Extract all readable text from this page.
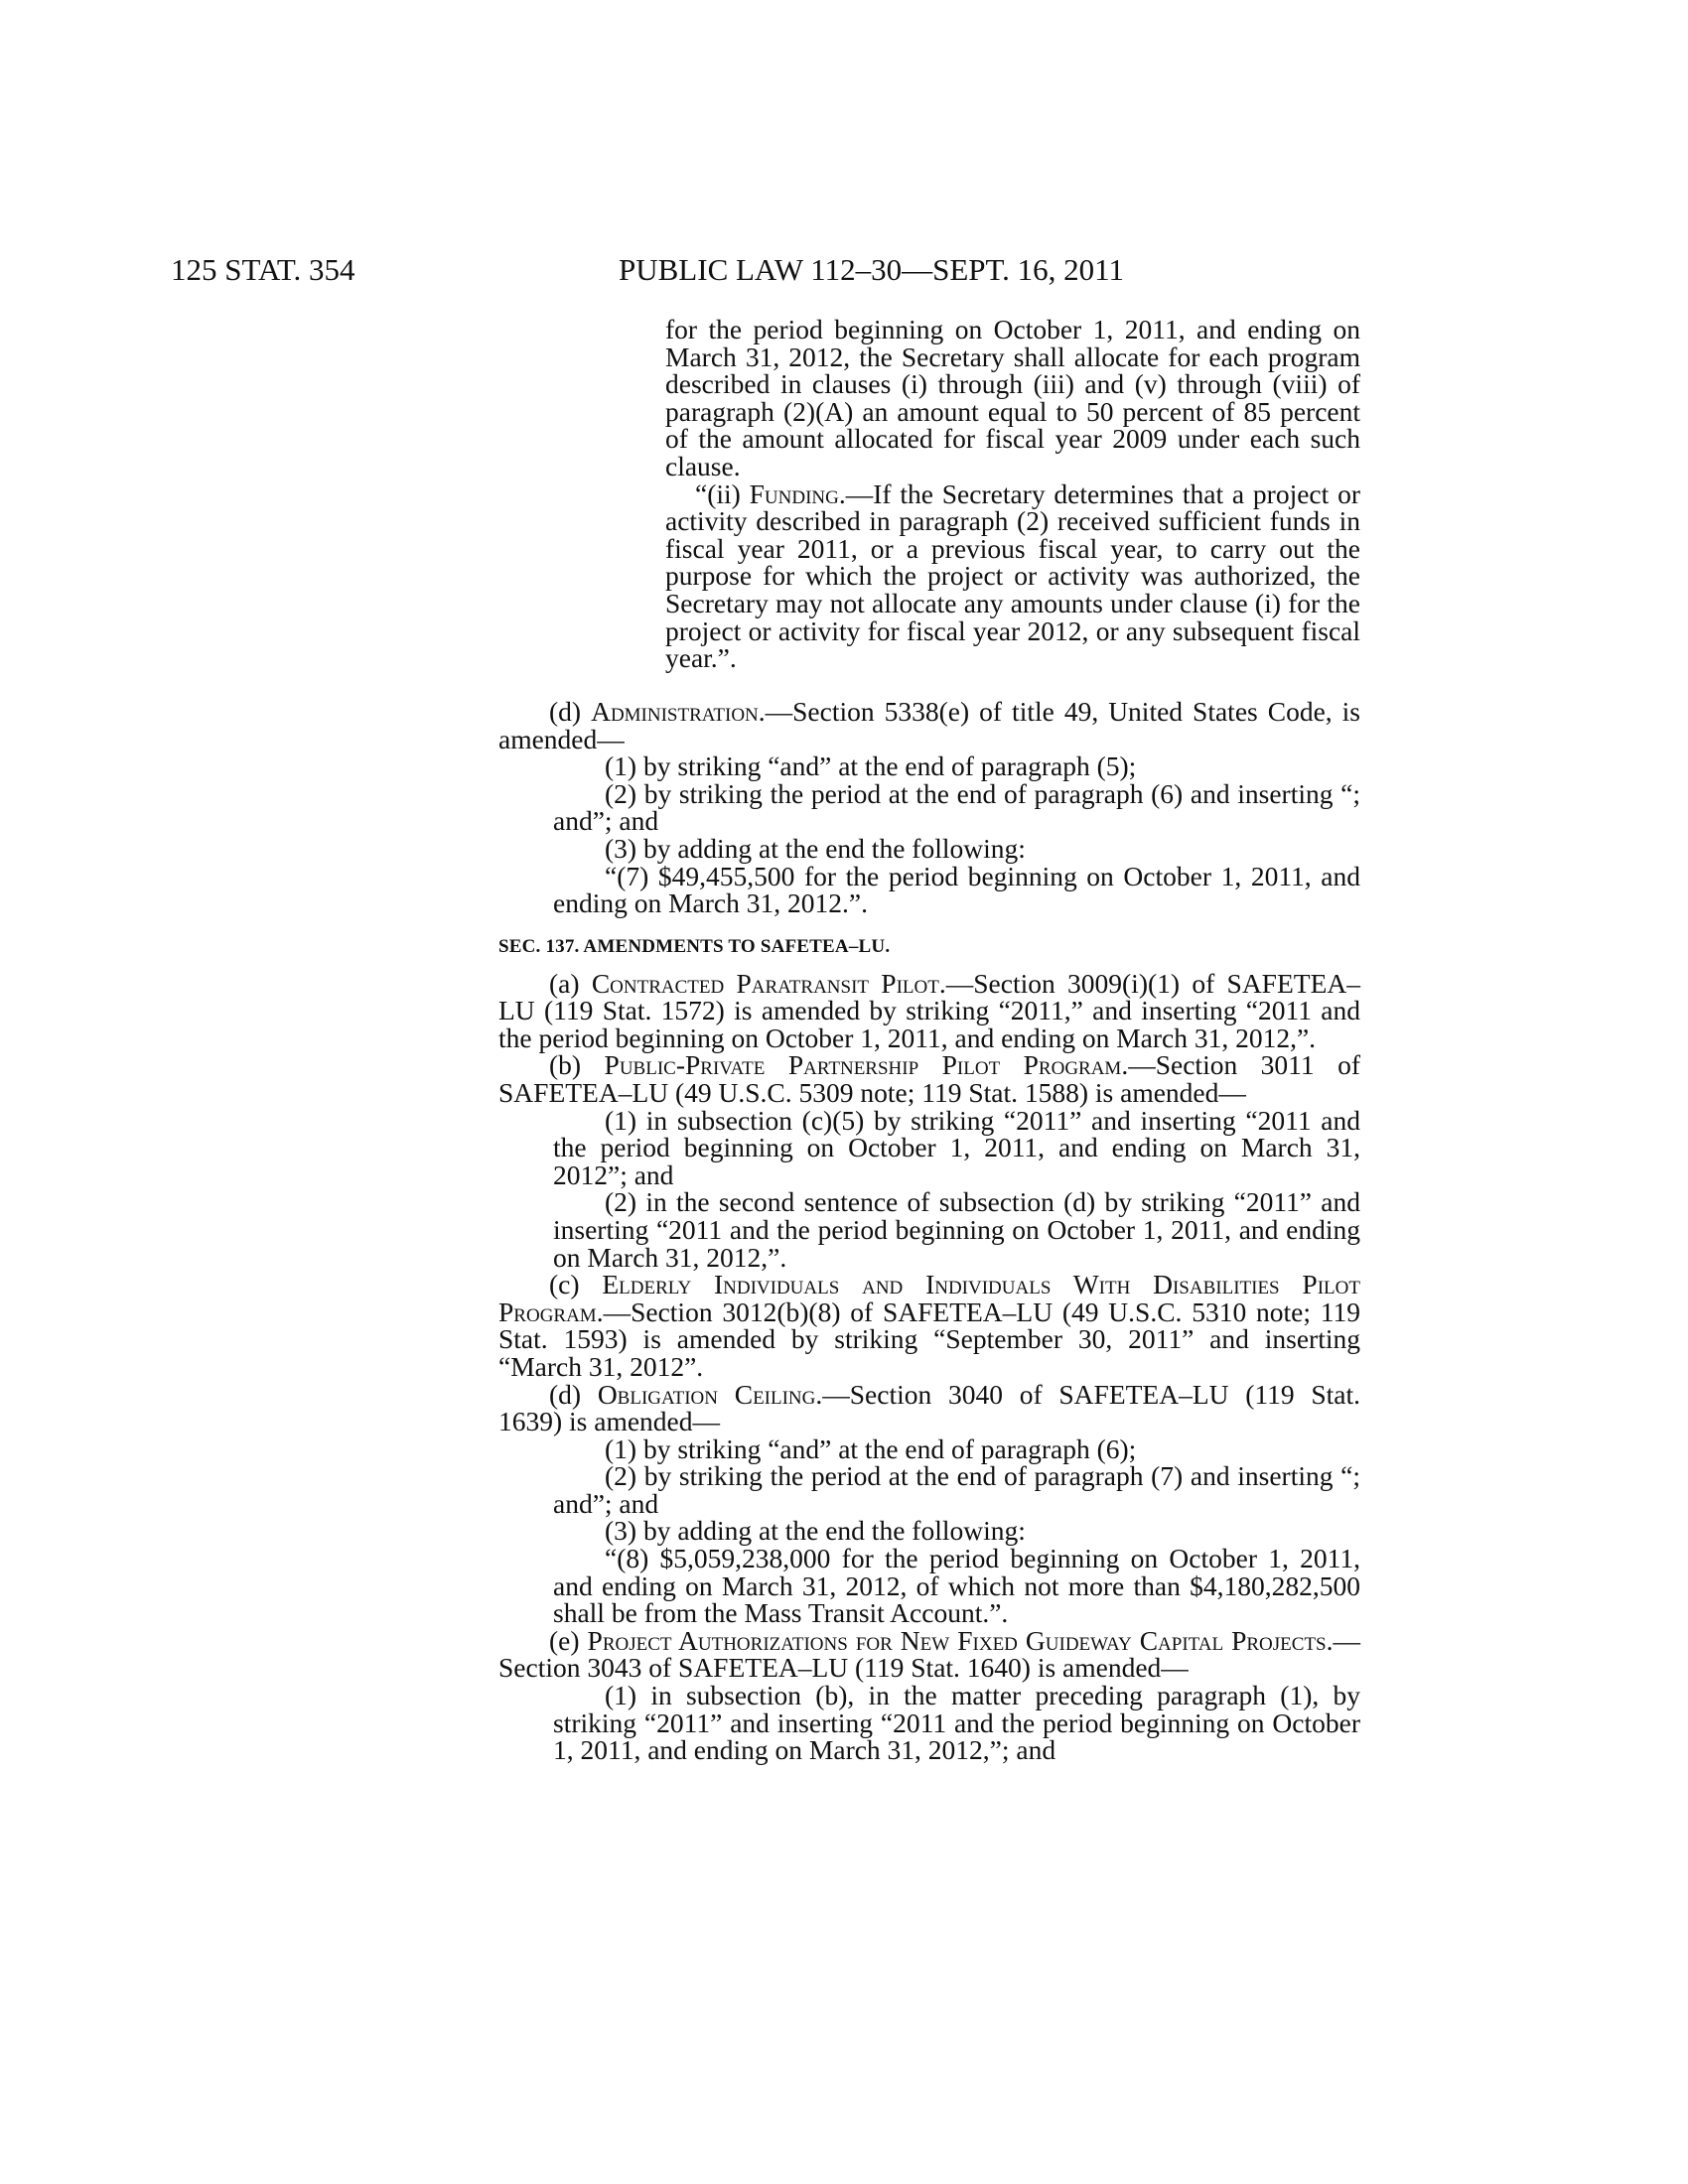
125 STAT. 354	PUBLIC LAW 112–30—SEPT. 16, 2011

for the period beginning on October 1, 2011, and ending on March 31, 2012, the Secretary shall allocate for each program described in clauses (i) through (iii) and (v) through (viii) of paragraph (2)(A) an amount equal to 50 percent of 85 percent of the amount allocated for fiscal year 2009 under each such clause.

“(ii) Funding.—If the Secretary determines that a project or activity described in paragraph (2) received sufficient funds in fiscal year 2011, or a previous fiscal year, to carry out the purpose for which the project or activity was authorized, the Secretary may not allocate any amounts under clause (i) for the project or activity for fiscal year 2012, or any subsequent fiscal year.”.

(d) Administration.—Section 5338(e) of title 49, United States Code, is amended—

(1) by striking “and” at the end of paragraph (5);

(2) by striking the period at the end of paragraph (6) and inserting “; and”; and

(3) by adding at the end the following:

“(7) $49,455,500 for the period beginning on October 1, 2011, and ending on March 31, 2012.”.

SEC. 137. AMENDMENTS TO SAFETEA–LU.

(a) Contracted Paratransit Pilot.—Section 3009(i)(1) of SAFETEA–LU (119 Stat. 1572) is amended by striking “2011,” and inserting “2011 and the period beginning on October 1, 2011, and ending on March 31, 2012,”.

(b) Public-Private Partnership Pilot Program.—Section 3011 of SAFETEA–LU (49 U.S.C. 5309 note; 119 Stat. 1588) is amended—

(1) in subsection (c)(5) by striking “2011” and inserting “2011 and the period beginning on October 1, 2011, and ending on March 31, 2012”; and

(2) in the second sentence of subsection (d) by striking “2011” and inserting “2011 and the period beginning on October 1, 2011, and ending on March 31, 2012,”.

(c) Elderly Individuals and Individuals With Disabilities Pilot Program.—Section 3012(b)(8) of SAFETEA–LU (49 U.S.C. 5310 note; 119 Stat. 1593) is amended by striking “September 30, 2011” and inserting “March 31, 2012”.

(d) Obligation Ceiling.—Section 3040 of SAFETEA–LU (119 Stat. 1639) is amended—

(1) by striking “and” at the end of paragraph (6);

(2) by striking the period at the end of paragraph (7) and inserting “; and”; and

(3) by adding at the end the following:

“(8) $5,059,238,000 for the period beginning on October 1, 2011, and ending on March 31, 2012, of which not more than $4,180,282,500 shall be from the Mass Transit Account.”.

(e) Project Authorizations for New Fixed Guideway Capital Projects.—Section 3043 of SAFETEA–LU (119 Stat. 1640) is amended—

(1) in subsection (b), in the matter preceding paragraph (1), by striking “2011” and inserting “2011 and the period beginning on October 1, 2011, and ending on March 31, 2012,”; and
